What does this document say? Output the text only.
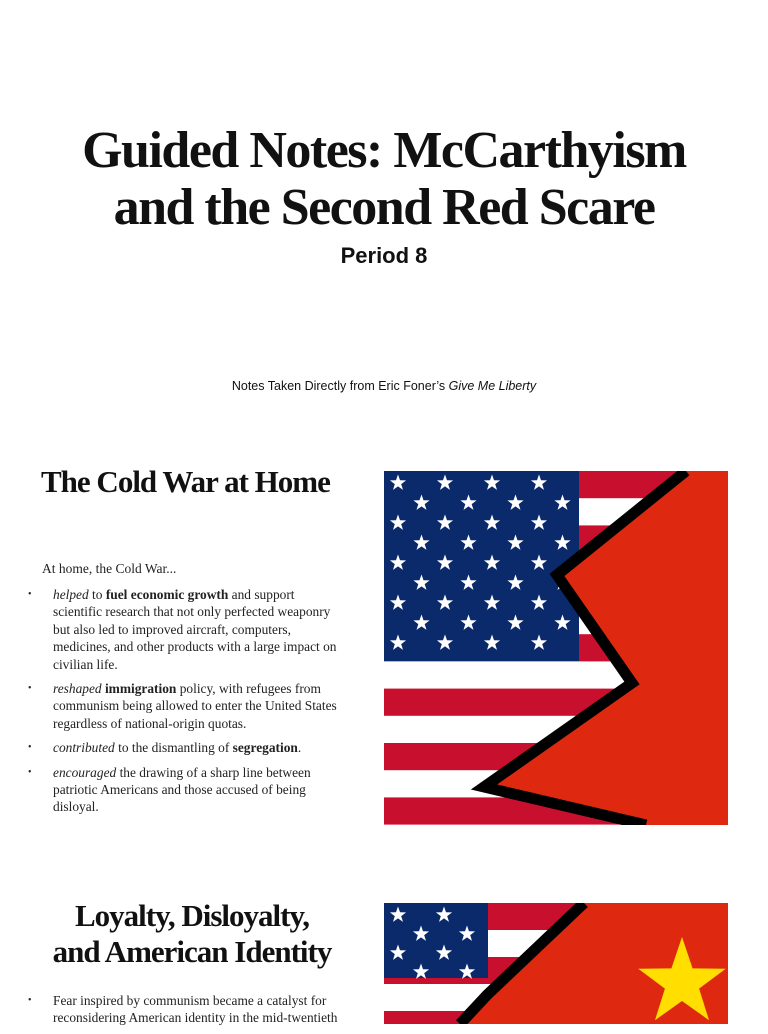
Guided Notes: McCarthyism
and the Second Red Scare
Period 8
Notes Taken Directly from Eric Foner’s Give Me Liberty
The Cold War at Home
At home, the Cold War...
• helped to fuel economic growth and support scientific research that not only perfected weaponry but also led to improved aircraft, computers, medicines, and other products with a large impact on civilian life.
• reshaped immigration policy, with refugees from communism being allowed to enter the United States regardless of national-origin quotas.
• contributed to the dismantling of segregation.
• encouraged the drawing of a sharp line between patriotic Americans and those accused of being disloyal.
Loyalty, Disloyalty,
and American Identity
• Fear inspired by communism became a catalyst for reconsidering American identity in the mid-twentieth
